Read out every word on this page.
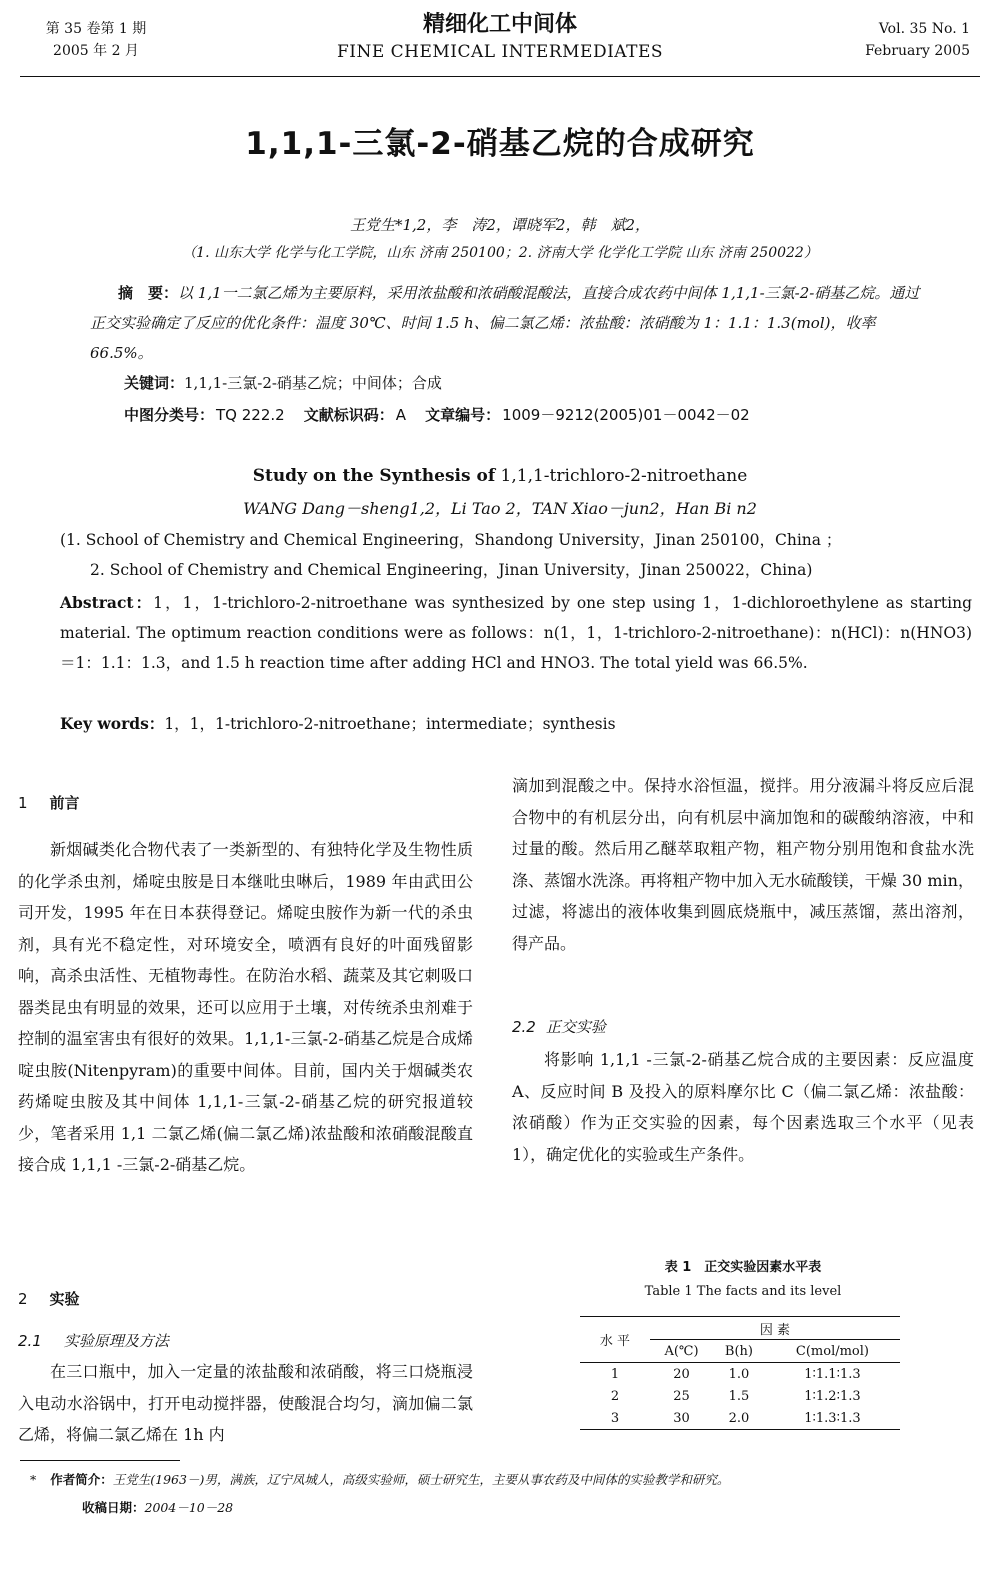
第 35 卷第 1 期
2005 年 2 月
精细化工中间体
FINE CHEMICAL INTERMEDIATES
Vol. 35 No. 1
February 2005
1,1,1-三氯-2-硝基乙烷的合成研究
王党生*1,2，李　涛2，谭晓军2，韩　斌2，
（1. 山东大学 化学与化工学院，山东 济南 250100；2. 济南大学 化学化工学院 山东 济南 250022）
摘　要：以 1,1一二氯乙烯为主要原料，采用浓盐酸和浓硝酸混酸法，直接合成农药中间体 1,1,1-三氯-2-硝基乙烷。通过正交实验确定了反应的优化条件：温度 30℃、时间 1.5 h、偏二氯乙烯：浓盐酸：浓硝酸为 1：1.1：1.3(mol)，收率 66.5%。
关键词：1,1,1-三氯-2-硝基乙烷；中间体；合成
中图分类号： TQ 222.2 文献标识码： A 文章编号： 1009－9212(2005)01－0042－02
Study on the Synthesis of 1,1,1-trichloro-2-nitroethane
WANG Dang－sheng1,2，Li Tao 2，TAN Xiao－jun2，Han Bi n2
(1. School of Chemistry and Chemical Engineering，Shandong University，Jinan 250100，China ；
2. School of Chemistry and Chemical Engineering，Jinan University，Jinan 250022，China)
Abstract：1，1，1-trichloro-2-nitroethane was synthesized by one step using 1，1-dichloroethylene as starting material. The optimum reaction conditions were as follows：n(1，1，1-trichloro-2-nitroethane)：n(HCl)：n(HNO3)＝1：1.1：1.3，and 1.5 h reaction time after adding HCl and HNO3. The total yield was 66.5%.
Key words：1，1，1-trichloro-2-nitroethane；intermediate；synthesis
1 前言
新烟碱类化合物代表了一类新型的、有独特化学及生物性质的化学杀虫剂，烯啶虫胺是日本继吡虫啉后，1989 年由武田公司开发，1995 年在日本获得登记。烯啶虫胺作为新一代的杀虫剂，具有光不稳定性，对环境安全，喷洒有良好的叶面残留影响，高杀虫活性、无植物毒性。在防治水稻、蔬菜及其它刺吸口器类昆虫有明显的效果，还可以应用于土壤，对传统杀虫剂难于控制的温室害虫有很好的效果。1,1,1-三氯-2-硝基乙烷是合成烯啶虫胺(Nitenpyram)的重要中间体。目前，国内关于烟碱类农药烯啶虫胺及其中间体 1,1,1-三氯-2-硝基乙烷的研究报道较少，笔者采用 1,1 二氯乙烯(偏二氯乙烯)浓盐酸和浓硝酸混酸直接合成 1,1,1 -三氯-2-硝基乙烷。
2 实验
2.1 实验原理及方法
在三口瓶中，加入一定量的浓盐酸和浓硝酸，将三口烧瓶浸入电动水浴锅中，打开电动搅拌器，使酸混合均匀，滴加偏二氯乙烯，将偏二氯乙烯在 1h 内
滴加到混酸之中。保持水浴恒温，搅拌。用分液漏斗将反应后混合物中的有机层分出，向有机层中滴加饱和的碳酸纳溶液，中和过量的酸。然后用乙醚萃取粗产物，粗产物分别用饱和食盐水洗涤、蒸馏水洗涤。再将粗产物中加入无水硫酸镁，干燥 30 min，过滤，将滤出的液体收集到圆底烧瓶中，减压蒸馏，蒸出溶剂，得产品。
2.2 正交实验
将影响 1,1,1 -三氯-2-硝基乙烷合成的主要因素：反应温度 A、反应时间 B 及投入的原料摩尔比 C（偏二氯乙烯：浓盐酸：浓硝酸）作为正交实验的因素，每个因素选取三个水平（见表 1），确定优化的实验或生产条件。
表 1　正交实验因素水平表
Table 1 The facts and its level
水 平	因 素		
	A(℃)	B(h)	C(mol/mol)
1	20	1.0	1∶1.1∶1.3
2	25	1.5	1∶1.2∶1.3
3	30	2.0	1∶1.3∶1.3
* 作者简介：王党生(1963－)男，满族，辽宁凤城人，高级实验师，硕士研究生，主要从事农药及中间体的实验教学和研究。
收稿日期：2004－10－28
